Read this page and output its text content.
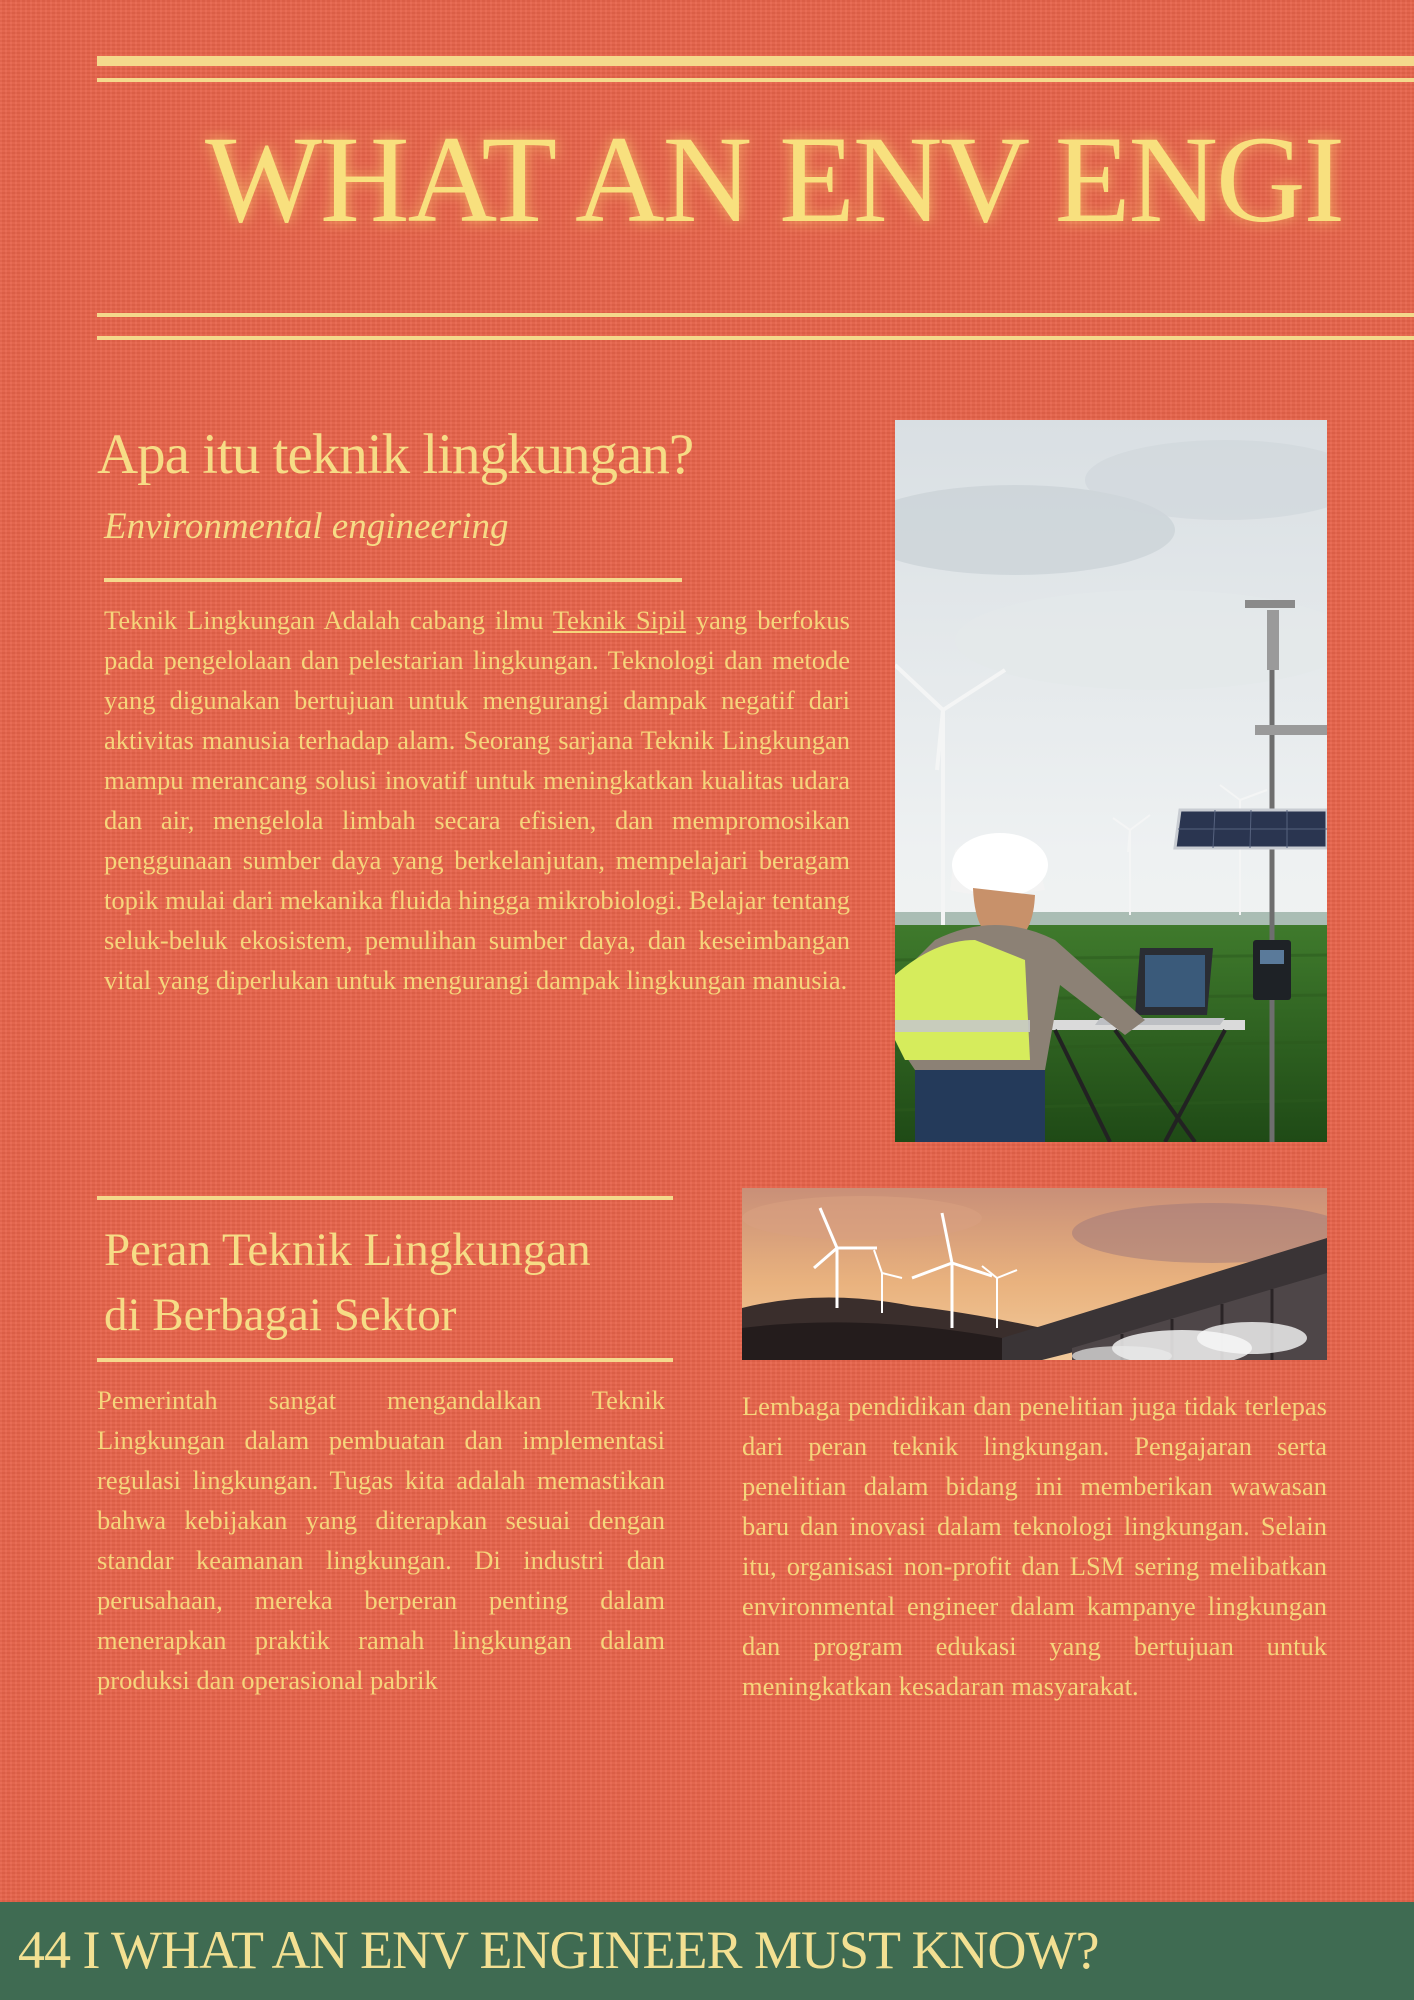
WHAT AN ENV ENGI
Apa itu teknik lingkungan?
Environmental engineering

Teknik Lingkungan Adalah cabang ilmu Teknik Sipil yang berfokus pada pengelolaan dan pelestarian lingkungan. Teknologi dan metode yang digunakan bertujuan untuk mengurangi dampak negatif dari aktivitas manusia terhadap alam. Seorang sarjana Teknik Lingkungan mampu merancang solusi inovatif untuk meningkatkan kualitas udara dan air, mengelola limbah secara efisien, dan mempromosikan penggunaan sumber daya yang berkelanjutan, mempelajari beragam topik mulai dari mekanika fluida hingga mikrobiologi. Belajar tentang seluk-beluk ekosistem, pemulihan sumber daya, dan keseimbangan vital yang diperlukan untuk mengurangi dampak lingkungan manusia.

Peran Teknik Lingkungan
di Berbagai Sektor

Pemerintah sangat mengandalkan Teknik Lingkungan dalam pembuatan dan implementasi regulasi lingkungan. Tugas kita adalah memastikan bahwa kebijakan yang diterapkan sesuai dengan standar keamanan lingkungan. Di industri dan perusahaan, mereka berperan penting dalam menerapkan praktik ramah lingkungan dalam produksi dan operasional pabrik

Lembaga pendidikan dan penelitian juga tidak terlepas dari peran teknik lingkungan. Pengajaran serta penelitian dalam bidang ini memberikan wawasan baru dan inovasi dalam teknologi lingkungan. Selain itu, organisasi non-profit dan LSM sering melibatkan environmental engineer dalam kampanye lingkungan dan program edukasi yang bertujuan untuk meningkatkan kesadaran masyarakat.

44 I WHAT AN ENV ENGINEER MUST KNOW?
